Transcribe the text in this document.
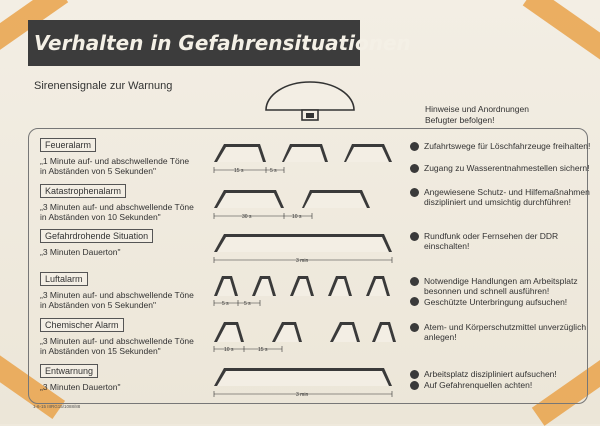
Verhalten in Gefahrensituationen
Sirenensignale zur Warnung
Hinweise und Anordnungen
Befugter befolgen!
Feueralarm
„1 Minute auf- und abschwellende Töne
in Abständen von 5 Sekunden"	15 s	5 s
Zufahrtswege für Löschfahrzeuge freihalten!
Zugang zu Wasserentnahmestellen sichern!
Katastrophenalarm
„3 Minuten auf- und abschwellende Töne
in Abständen von 10 Sekunden"	30 s	10 s
Angewiesene Schutz- und Hilfemaßnahmen diszipliniert und umsichtig durchführen!
Gefahrdrohende Situation
„3 Minuten Dauerton"
3 min
Rundfunk oder Fernsehen der DDR einschalten!
Luftalarm
„3 Minuten auf- und abschwellende Töne
in Abständen von 5 Sekunden"	5 s	5 s
Notwendige Handlungen am Arbeitsplatz besonnen und schnell ausführen!
Geschützte Unterbringung aufsuchen!
Chemischer Alarm
„3 Minuten auf- und abschwellende Töne
in Abständen von 15 Sekunden"	10 s	15 s
Atem- und Körperschutzmittel unverzüglich anlegen!
Entwarnung
„3 Minuten Dauerton"
3 min
Arbeitsplatz diszipliniert aufsuchen!
Auf Gefahrenquellen achten!
1-6-15 IIIRG15/1088/88
